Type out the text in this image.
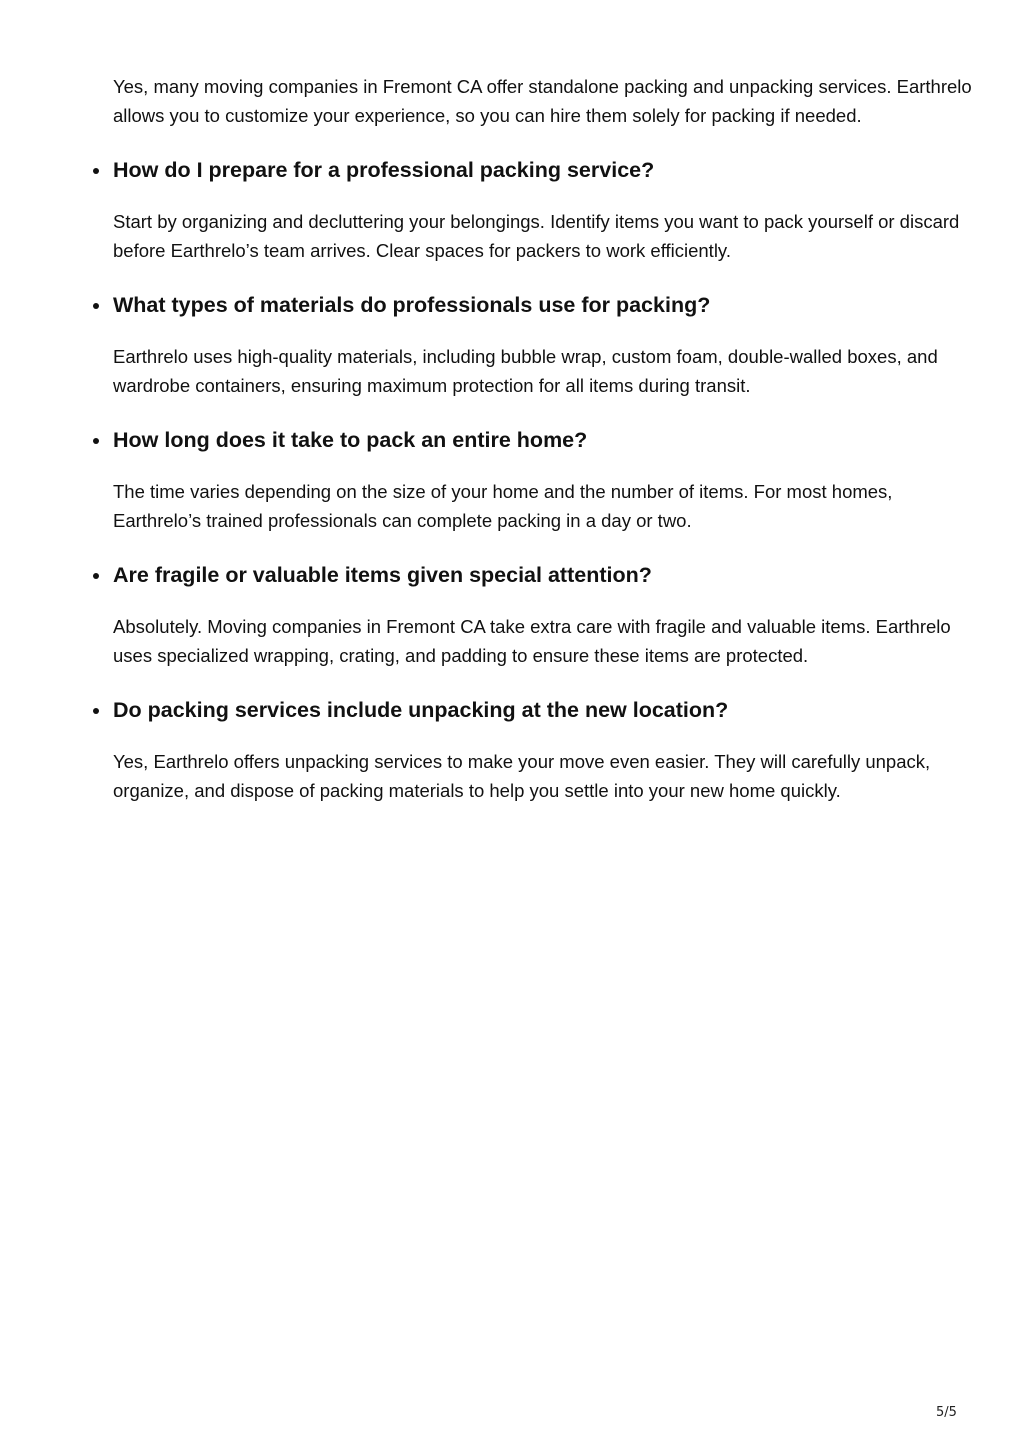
Yes, many moving companies in Fremont CA offer standalone packing and unpacking services. Earthrelo allows you to customize your experience, so you can hire them solely for packing if needed.

How do I prepare for a professional packing service?

Start by organizing and decluttering your belongings. Identify items you want to pack yourself or discard before Earthrelo’s team arrives. Clear spaces for packers to work efficiently.

What types of materials do professionals use for packing?

Earthrelo uses high-quality materials, including bubble wrap, custom foam, double-walled boxes, and wardrobe containers, ensuring maximum protection for all items during transit.

How long does it take to pack an entire home?

The time varies depending on the size of your home and the number of items. For most homes, Earthrelo’s trained professionals can complete packing in a day or two.

Are fragile or valuable items given special attention?

Absolutely. Moving companies in Fremont CA take extra care with fragile and valuable items. Earthrelo uses specialized wrapping, crating, and padding to ensure these items are protected.

Do packing services include unpacking at the new location?

Yes, Earthrelo offers unpacking services to make your move even easier. They will carefully unpack, organize, and dispose of packing materials to help you settle into your new home quickly.

5/5
